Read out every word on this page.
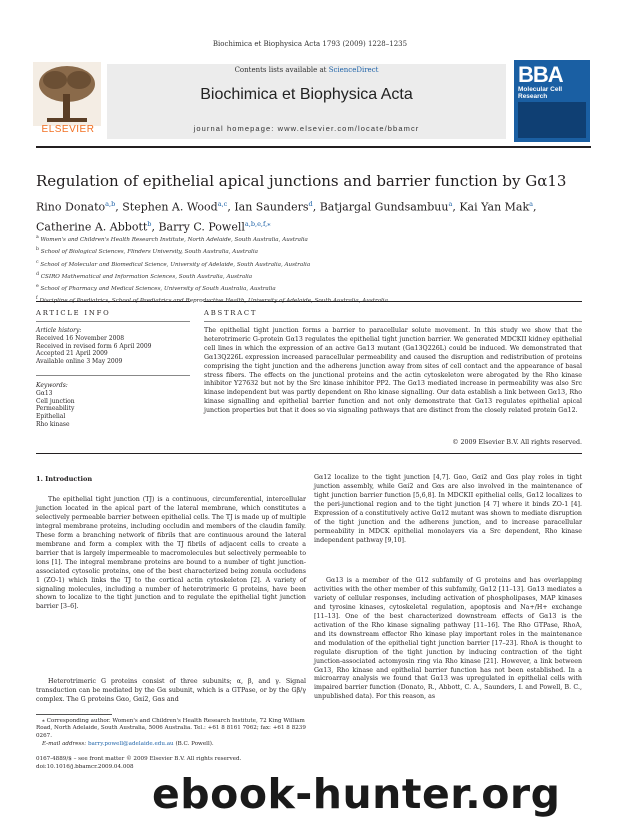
Biochimica et Biophysica Acta 1793 (2009) 1228–1235
ELSEVIER
Contents lists available at ScienceDirect
Biochimica et Biophysica Acta
journal homepage: www.elsevier.com/locate/bbamcr
BBA
Molecular Cell
Research
Regulation of epithelial apical junctions and barrier function by Gα13
Rino Donato$^{a,b}$, Stephen A. Wood$^{a,c}$, Ian Saunders$^d$, Batjargal Gundsambuu$^a$, Kai Yan Mak$^a$,
Catherine A. Abbott$^b$, Barry C. Powell$^{a,b,e,f,⁎}$
$^a$ Women's and Children's Health Research Institute, North Adelaide, South Australia, Australia
$^b$ School of Biological Sciences, Flinders University, South Australia, Australia
$^c$ School of Molecular and Biomedical Science, University of Adelaide, South Australia, Australia
$^d$ CSIRO Mathematical and Information Sciences, South Australia, Australia
$^e$ School of Pharmacy and Medical Sciences, University of South Australia, Australia
$^f$
ARTICLE INFO
Article history:
Received 16 November 2008
Received in revised form 6 April 2009
Accepted 21 April 2009
Available online 3 May 2009
Keywords:
Gα13
Cell junction
Permeability
Epithelial
Rho kinase
ABSTRACT
The epithelial tight junction forms a barrier to paracellular solute movement. In this study we show that the heterotrimeric G-protein Gα13 regulates the epithelial tight junction barrier. We generated MDCKII kidney epithelial cell lines in which the expression of an active Gα13 mutant (Gα13Q226L) could be induced. We demonstrated that Gα13Q226L expression increased paracellular permeability and caused the disruption and redistribution of proteins comprising the tight junction and the adherens junction away from sites of cell contact and the appearance of basal stress fibers. The effects on the junctional proteins and the actin cytoskeleton were abrogated by the Rho kinase inhibitor Y27632 but not by the Src kinase inhibitor PP2. The Gα13 mediated increase in permeability was also Src kinase independent but was partly dependent on Rho kinase signalling. Our data establish a link between Gα13, Rho kinase signalling and epithelial barrier function and not only demonstrate that Gα13 regulates epithelial apical junction properties but that it does so via signaling pathways that are distinct from the closely related protein Gα12.
© 2009 Elsevier B.V. All rights reserved.
1. Introduction
The epithelial tight junction (TJ) is a continuous, circumferential, intercellular junction located in the apical part of the lateral membrane, which constitutes a selectively permeable barrier between epithelial cells. The TJ is made up of multiple integral membrane proteins, including occludin and members of the claudin family. These form a branching network of fibrils that are continuous around the lateral membrane and form a complex with the TJ fibrils of adjacent cells to create a barrier that is largely impermeable to macromolecules but selectively permeable to ions [1]. The integral membrane proteins are bound to a number of tight junction-associated cytosolic proteins, one of the best characterized being zonula occludens 1 (ZO-1) which links the TJ to the cortical actin cytoskeleton [2]. A variety of signaling molecules, including a number of heterotrimeric G proteins, have been shown to localize to the tight junction and to regulate the epithelial tight junction barrier [3–6].
Heterotrimeric G proteins consist of three subunits; α, β, and γ. Signal transduction can be mediated by the Gα subunit, which is a GTPase, or by the Gβ/γ complex. The G proteins Gαo, Gαi2, Gαs and
⁎ Corresponding author. Women's and Children's Health Research Institute, 72 King William Road, North Adelaide, South Australia, 5006 Australia. Tel.: +61 8 8161 7062; fax: +61 8 8239 0267.
E-mail address: barry.powell@adelaide.edu.au (B.C. Powell).
0167-4889/$ – see front matter © 2009 Elsevier B.V. All rights reserved.
doi:10.1016/j.bbamcr.2009.04.008
Gα12 localize to the tight junction [4,7]. Gαo, Gαi2 and Gαs play roles in tight junction assembly, while Gαi2 and Gαs are also involved in the maintenance of tight junction barrier function [5,6,8]. In MDCKII epithelial cells, Gα12 localizes to the peri-junctional region and to the tight junction [4 7] where it binds ZO-1 [4]. Expression of a constitutively active Gα12 mutant was shown to mediate disruption of the tight junction and the adherens junction, and to increase paracellular permeability in MDCK epithelial monolayers via a Src dependent, Rho kinase independent pathway [9,10].
Gα13 is a member of the G12 subfamily of G proteins and has overlapping activities with the other member of this subfamily, Gα12 [11–13]. Gα13 mediates a variety of cellular responses, including activation of phospholipases, MAP kinases and tyrosine kinases, cytoskeletal regulation, apoptosis and Na+/H+ exchange [11–13]. One of the best characterized downstream effects of Gα13 is the activation of the Rho kinase signaling pathway [11–16]. The Rho GTPase, RhoA, and its downstream effector Rho kinase play important roles in the maintenance and modulation of the epithelial tight junction barrier [17–23]. RhoA is thought to regulate disruption of the tight junction by inducing contraction of the tight junction-associated actomyosin ring via Rho kinase [21]. However, a link between Gα13, Rho kinase and epithelial barrier function has not been established. In a microarray analysis we found that Gα13 was upregulated in epithelial cells with impaired barrier function (Donato, R., Abbott, C. A., Saunders, I. and Powell, B. C., unpublished data). For this reason, as
ebook-hunter.org
